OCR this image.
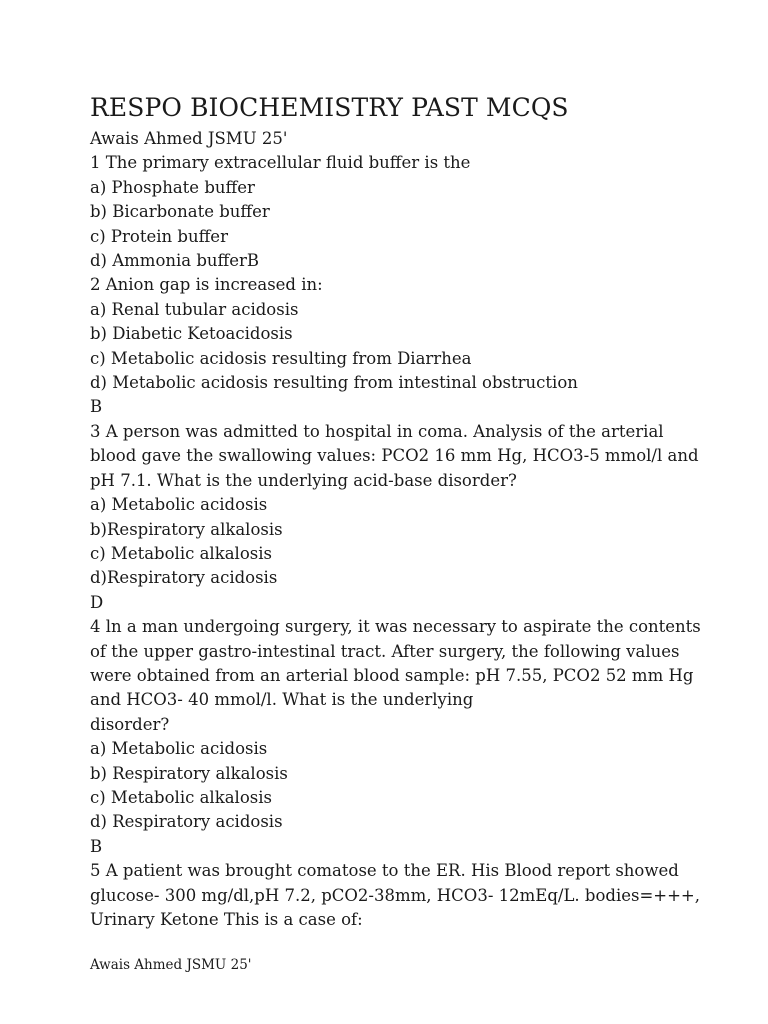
RESPO BIOCHEMISTRY PAST MCQS
Awais Ahmed JSMU 25'
1 The primary extracellular fluid buffer is the
a) Phosphate buffer
b) Bicarbonate buffer
c) Protein buffer
d) Ammonia bufferB
2 Anion gap is increased in:
a) Renal tubular acidosis
b) Diabetic Ketoacidosis
c) Metabolic acidosis resulting from Diarrhea
d) Metabolic acidosis resulting from intestinal obstruction
B
3 A person was admitted to hospital in coma. Analysis of the arterial
blood gave the swallowing values: PCO2 16 mm Hg, HCO3-5 mmol/l and
pH 7.1. What is the underlying acid-base disorder?
a) Metabolic acidosis
b)Respiratory alkalosis
c) Metabolic alkalosis
d)Respiratory acidosis
D
4 ln a man undergoing surgery, it was necessary to aspirate the contents
of the upper gastro-intestinal tract. After surgery, the following values
were obtained from an arterial blood sample: pH 7.55, PCO2 52 mm Hg
and HCO3- 40 mmol/l. What is the underlying
disorder?
a) Metabolic acidosis
b) Respiratory alkalosis
c) Metabolic alkalosis
d) Respiratory acidosis
B
5 A patient was brought comatose to the ER. His Blood report showed
glucose- 300 mg/dl,pH 7.2, pCO2-38mm, HCO3- 12mEq/L. bodies=+++,
Urinary Ketone This is a case of:
Awais Ahmed JSMU 25'
